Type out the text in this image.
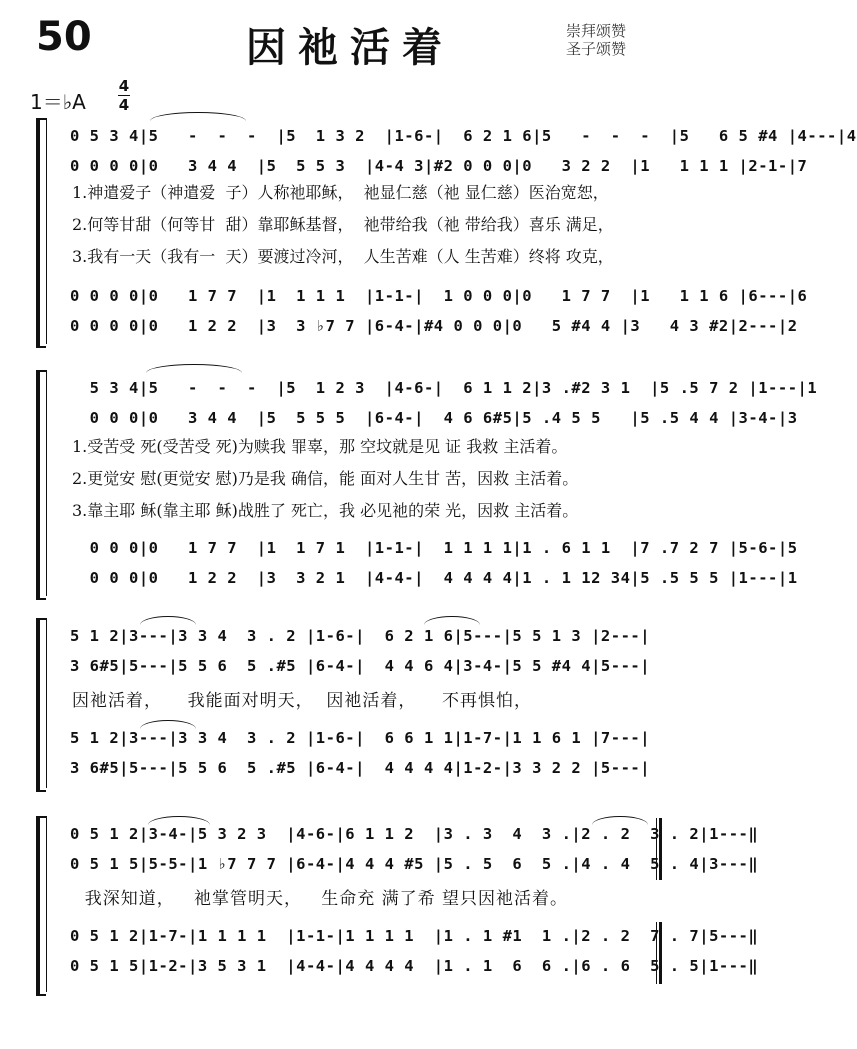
50	因祂活着	崇拜颂赞
圣子颂赞
1＝♭A
4
4
0 5 3 4|5   -  -  -  |5  1 3 2  |1-6-|  6 2 1 6|5   -  -  -  |5   6 5 #4 |4---|4
0 0 0 0|0   3 4 4  |5  5 5 3  |4-4 3|#2 0 0 0|0   3 2 2  |1   1 1 1 |2-1-|7
1.神遣爱子（神遣爱  子）人称祂耶稣，  祂显仁慈（祂 显仁慈）医治宽恕，
2.何等甘甜（何等甘  甜）靠耶稣基督，  祂带给我（祂 带给我）喜乐 满足，
3.我有一天（我有一  天）要渡过冷河，  人生苦难（人 生苦难）终将 攻克，
0 0 0 0|0   1 7 7  |1  1 1 1  |1-1-|  1 0 0 0|0   1 7 7  |1   1 1 6 |6---|6
0 0 0 0|0   1 2 2  |3  3 ♭7 7 |6-4-|#4 0 0 0|0   5 #4 4 |3   4 3 #2|2---|2
5 3 4|5   -  -  -  |5  1 2 3  |4-6-|  6 1 1 2|3 .#2 3 1  |5 .5 7 2 |1---|1
0 0 0|0   3 4 4  |5  5 5 5  |6-4-|  4 6 6#5|5 .4 5 5   |5 .5 4 4 |3-4-|3
1.受苦受 死(受苦受 死)为赎我 罪辜，那 空坟就是见 证 我救 主活着。
2.更觉安 慰(更觉安 慰)乃是我 确信，能 面对人生甘 苦，因救 主活着。
3.靠主耶 稣(靠主耶 稣)战胜了 死亡，我 必见祂的荣 光，因救 主活着。
0 0 0|0   1 7 7  |1  1 7 1  |1-1-|  1 1 1 1|1 . 6 1 1  |7 .7 2 7 |5-6-|5
0 0 0|0   1 2 2  |3  3 2 1  |4-4-|  4 4 4 4|1 . 1 12 34|5 .5 5 5 |1---|1
5 1 2|3---|3 3 4  3 . 2 |1-6-|  6 2 1 6|5---|5 5 1 3 |2---|
3 6#5|5---|5 5 6  5 .#5 |6-4-|  4 4 6 4|3-4-|5 5 #4 4|5---|
因祂活着，    我能面对明天，  因祂活着，    不再惧怕，
5 1 2|3---|3 3 4  3 . 2 |1-6-|  6 6 1 1|1-7-|1 1 6 1 |7---|
3 6#5|5---|5 5 6  5 .#5 |6-4-|  4 4 4 4|1-2-|3 3 2 2 |5---|
0 5 1 2|3-4-|5 3 2 3  |4-6-|6 1 1 2  |3 . 3  4  3 .|2 . 2  3 . 2|1---‖
0 5 1 5|5-5-|1 ♭7 7 7 |6-4-|4 4 4 #5 |5 . 5  6  5 .|4 . 4  5 . 4|3---‖
我深知道，   祂掌管明天，   生命充 满了希 望只因祂活着。
0 5 1 2|1-7-|1 1 1 1  |1-1-|1 1 1 1  |1 . 1 #1  1 .|2 . 2  7 . 7|5---‖
0 5 1 5|1-2-|3 5 3 1  |4-4-|4 4 4 4  |1 . 1  6  6 .|6 . 6  5 . 5|1---‖
